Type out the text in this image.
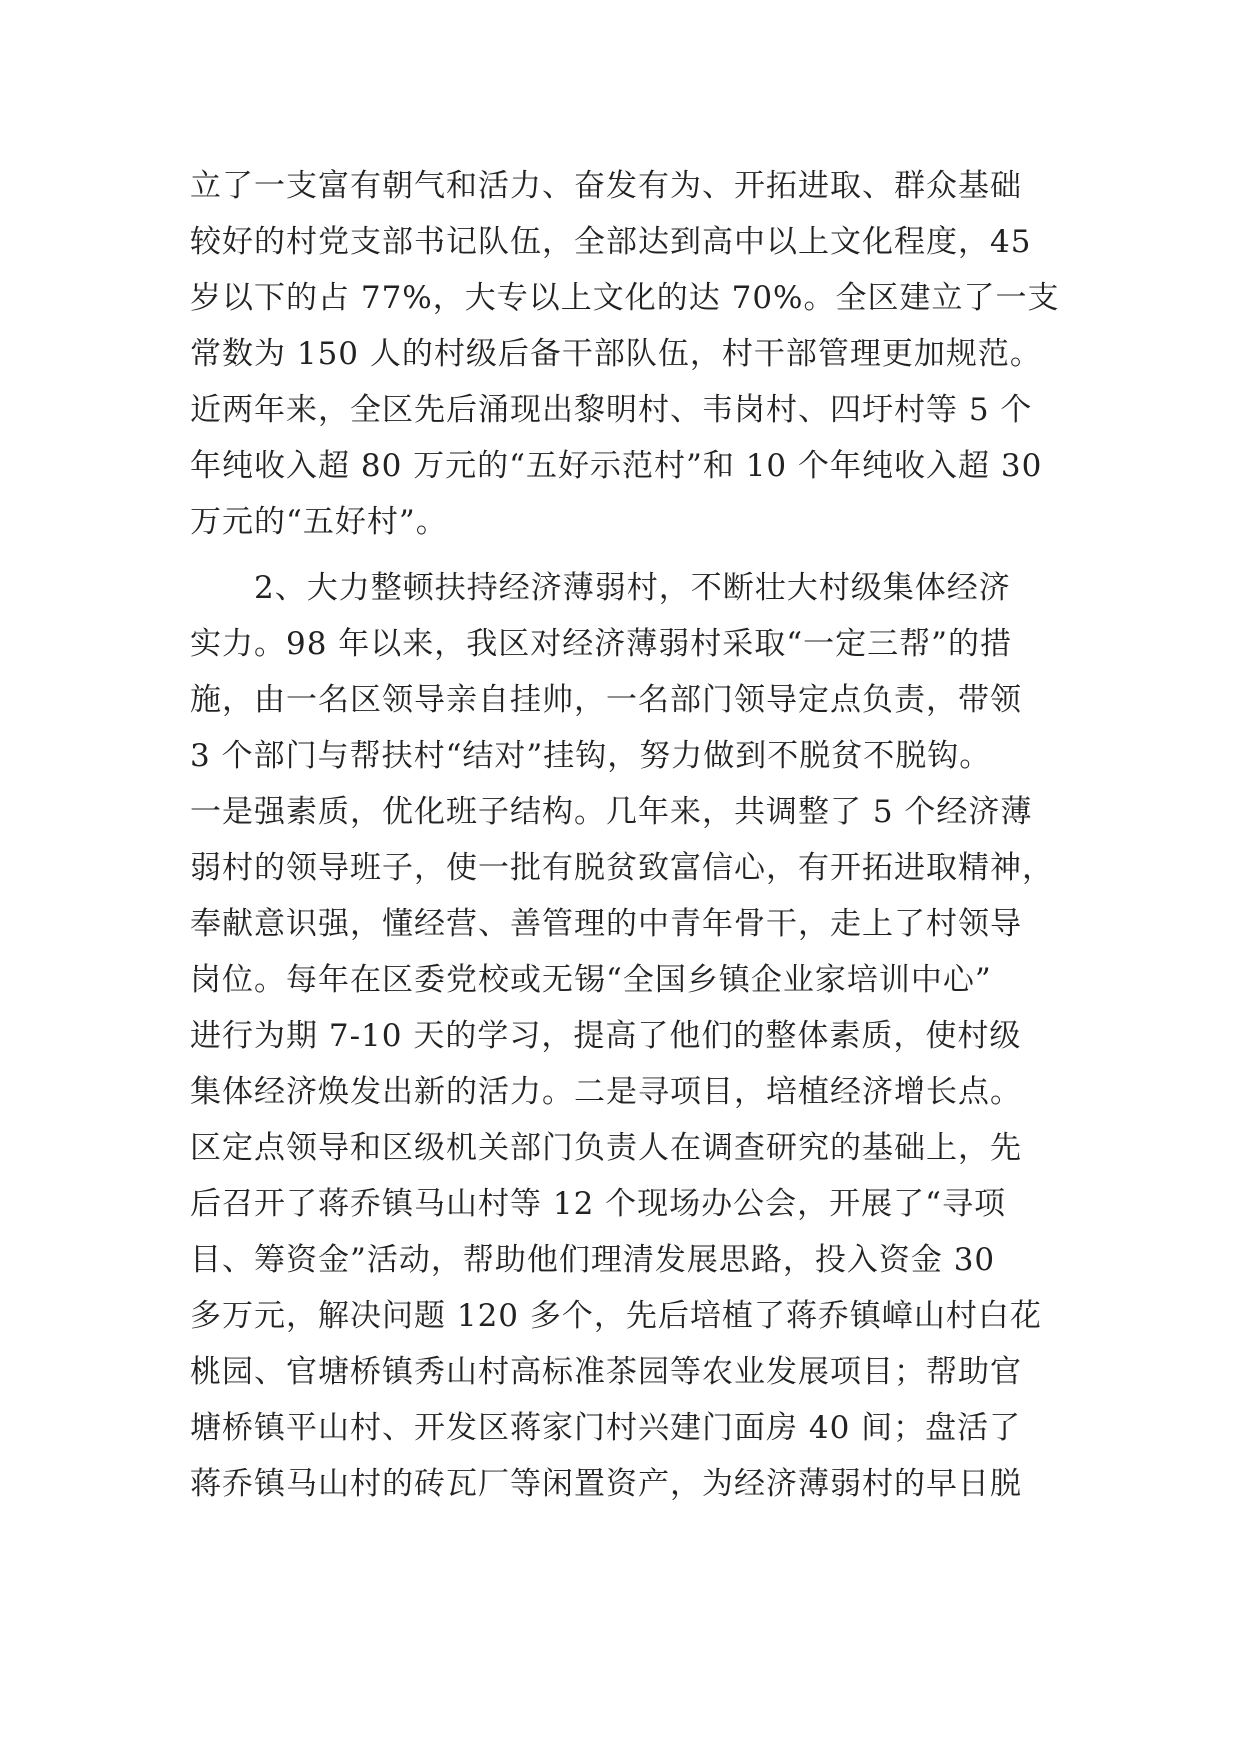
立了一支富有朝气和活力、奋发有为、开拓进取、群众基础
较好的村党支部书记队伍，全部达到高中以上文化程度，45
岁以下的占 77%，大专以上文化的达 70%。全区建立了一支
常数为 150 人的村级后备干部队伍，村干部管理更加规范。
近两年来，全区先后涌现出黎明村、韦岗村、四圩村等 5 个
年纯收入超 80 万元的“五好示范村”和 10 个年纯收入超 30
万元的“五好村”。
　　2、大力整顿扶持经济薄弱村，不断壮大村级集体经济
实力。98 年以来，我区对经济薄弱村采取“一定三帮”的措
施，由一名区领导亲自挂帅，一名部门领导定点负责，带领
3 个部门与帮扶村“结对”挂钩，努力做到不脱贫不脱钩。
一是强素质，优化班子结构。几年来，共调整了 5 个经济薄
弱村的领导班子，使一批有脱贫致富信心，有开拓进取精神，
奉献意识强，懂经营、善管理的中青年骨干，走上了村领导
岗位。每年在区委党校或无锡“全国乡镇企业家培训中心”
进行为期 7-10 天的学习，提高了他们的整体素质，使村级
集体经济焕发出新的活力。二是寻项目，培植经济增长点。
区定点领导和区级机关部门负责人在调查研究的基础上，先
后召开了蒋乔镇马山村等 12 个现场办公会，开展了“寻项
目、筹资金”活动，帮助他们理清发展思路，投入资金 30
多万元，解决问题 120 多个，先后培植了蒋乔镇嶂山村白花
桃园、官塘桥镇秀山村高标准茶园等农业发展项目；帮助官
塘桥镇平山村、开发区蒋家门村兴建门面房 40 间；盘活了
蒋乔镇马山村的砖瓦厂等闲置资产，为经济薄弱村的早日脱
